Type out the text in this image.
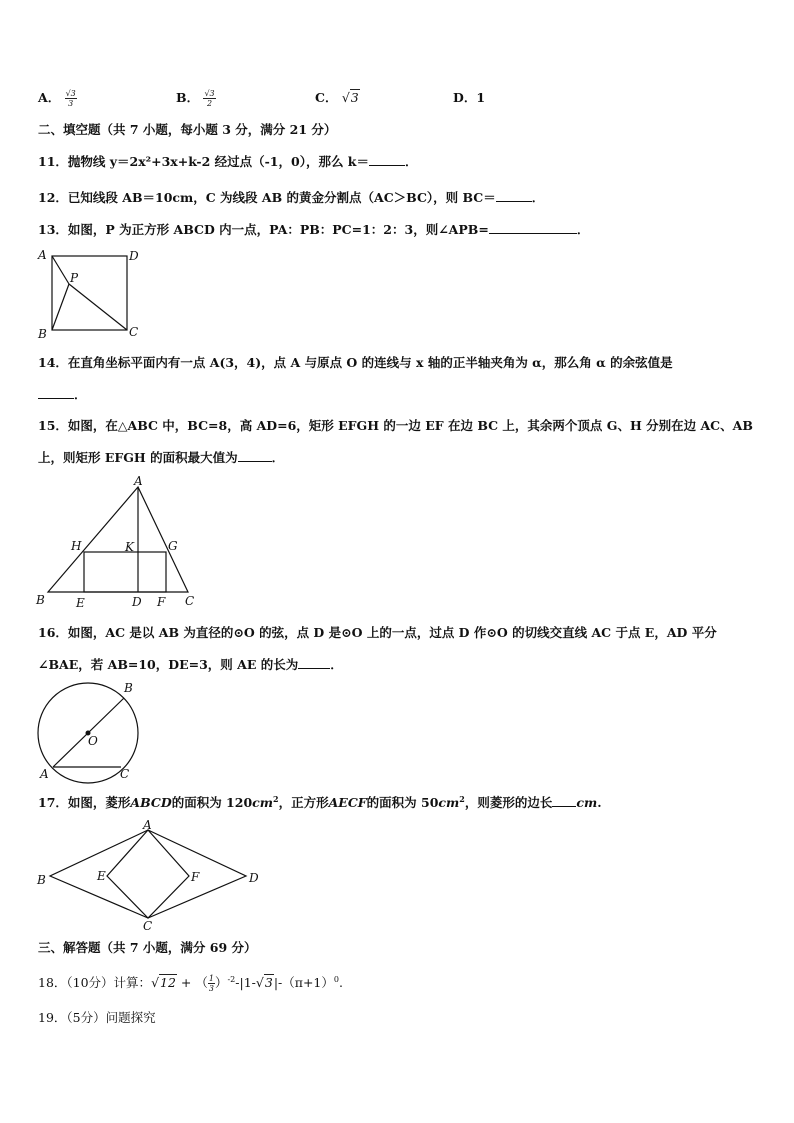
A． $\frac{√3}{3}$	B． $\frac{√3}{2}$	C． √3	D．1
二、填空题（共 7 小题，每小题 3 分，满分 21 分）
11．抛物线 y＝2x²+3x+k-2 经过点（-1，0），那么 k＝	．
12．已知线段 AB＝10cm，C 为线段 AB 的黄金分割点（AC＞BC），则 BC＝	．
13．如图，P 为正方形 ABCD 内一点，PA：PB：PC=1：2：3，则∠APB=	．
A	D
P
B	C
14．在直角坐标平面内有一点 A(3，4)，点 A 与原点 O 的连线与 x 轴的正半轴夹角为 α，那么角 α 的余弦值是
．
15．如图，在△ABC 中，BC=8，高 AD=6，矩形 EFGH 的一边 EF 在边 BC 上，其余两个顶点 G、H 分别在边 AC、AB
上，则矩形 EFGH 的面积最大值为	．
A
H	K	G
B	E	D F C
16．如图，AC 是以 AB 为直径的⊙O 的弦，点 D 是⊙O 上的一点，过点 D 作⊙O 的切线交直线 AC 于点 E，AD 平分
∠BAE，若 AB=10，DE=3，则 AE 的长为	．
B
O
A	C
17．如图，菱形ABCD的面积为 $120cm^2$，正方形AECF的面积为 $50cm^2$，则菱形的边长 cm.
A
B	E	F	D
C
三、解答题（共 7 小题，满分 69 分）
18．（10分）计算：√12 + （ $\frac{1}{3} )^{-2}-|1-√3|-(\pi+1)^0$.
19．（5分）问题探究
